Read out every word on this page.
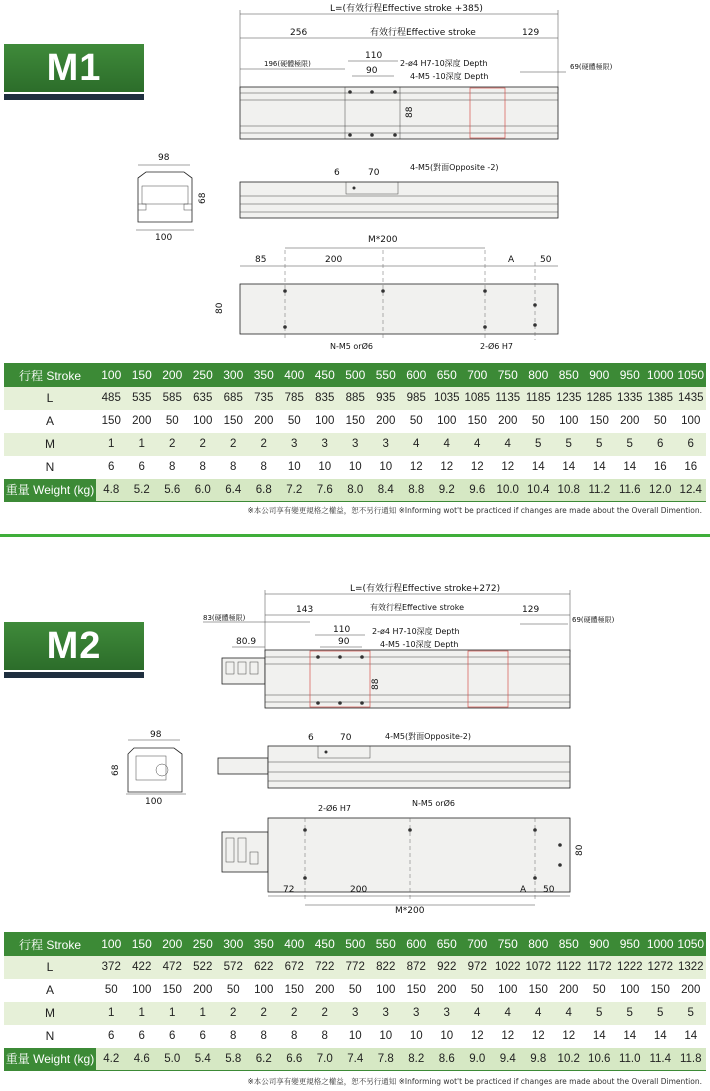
M1
L=(有效行程Effective stroke +385)
256	有效行程Effective stroke	129
110
90
196(硬體極限)	2-ø4 H7-10深度 Depth
4-M5 -10深度 Depth
69(硬體極限)
88
98
68
100
6	70
4-M5(對面Opposite -2)
M*200
85	200	A	50
80
N-M5 orØ6	2-Ø6 H7
行程 Stroke	100	150	200	250	300	350	400	450	500	550	600	650	700	750	800	850	900	950	1000	1050
L	485	535	585	635	685	735	785	835	885	935	985	1035	1085	1135	1185	1235	1285	1335	1385	1435
A	150	200	50	100	150	200	50	100	150	200	50	100	150	200	50	100	150	200	50	100
M	1	1	2	2	2	2	3	3	3	3	4	4	4	4	5	5	5	5	6	6
N	6	6	8	8	8	8	10	10	10	10	12	12	12	12	14	14	14	14	16	16
重量 Weight (kg)	4.8	5.2	5.6	6.0	6.4	6.8	7.2	7.6	8.0	8.4	8.8	9.2	9.6	10.0	10.4	10.8	11.2	11.6	12.0	12.4
※本公司享有變更規格之權益，恕不另行通知 ※Informing wot't be practiced if changes are made about the Overall Dimention.
M2
L=(有效行程Effective stroke+272)
83(硬體極限)
143	有效行程Effective stroke	129
69(硬體極限)
110
90
2-ø4 H7-10深度 Depth
4-M5 -10深度 Depth
80.9
88
98
68
100
6	70	4-M5(對面Opposite-2)
2-Ø6 H7
N-M5 orØ6
80
72	200	A 50
M*200
行程 Stroke	100	150	200	250	300	350	400	450	500	550	600	650	700	750	800	850	900	950	1000	1050
L	372	422	472	522	572	622	672	722	772	822	872	922	972	1022	1072	1122	1172	1222	1272	1322
A	50	100	150	200	50	100	150	200	50	100	150	200	50	100	150	200	50	100	150	200
M	1	1	1	1	2	2	2	2	3	3	3	3	4	4	4	4	5	5	5	5
N	6	6	6	6	8	8	8	8	10	10	10	10	12	12	12	12	14	14	14	14
重量 Weight (kg)	4.2	4.6	5.0	5.4	5.8	6.2	6.6	7.0	7.4	7.8	8.2	8.6	9.0	9.4	9.8	10.2	10.6	11.0	11.4	11.8
※本公司享有變更規格之權益，恕不另行通知 ※Informing wot't be practiced if changes are made about the Overall Dimention.
